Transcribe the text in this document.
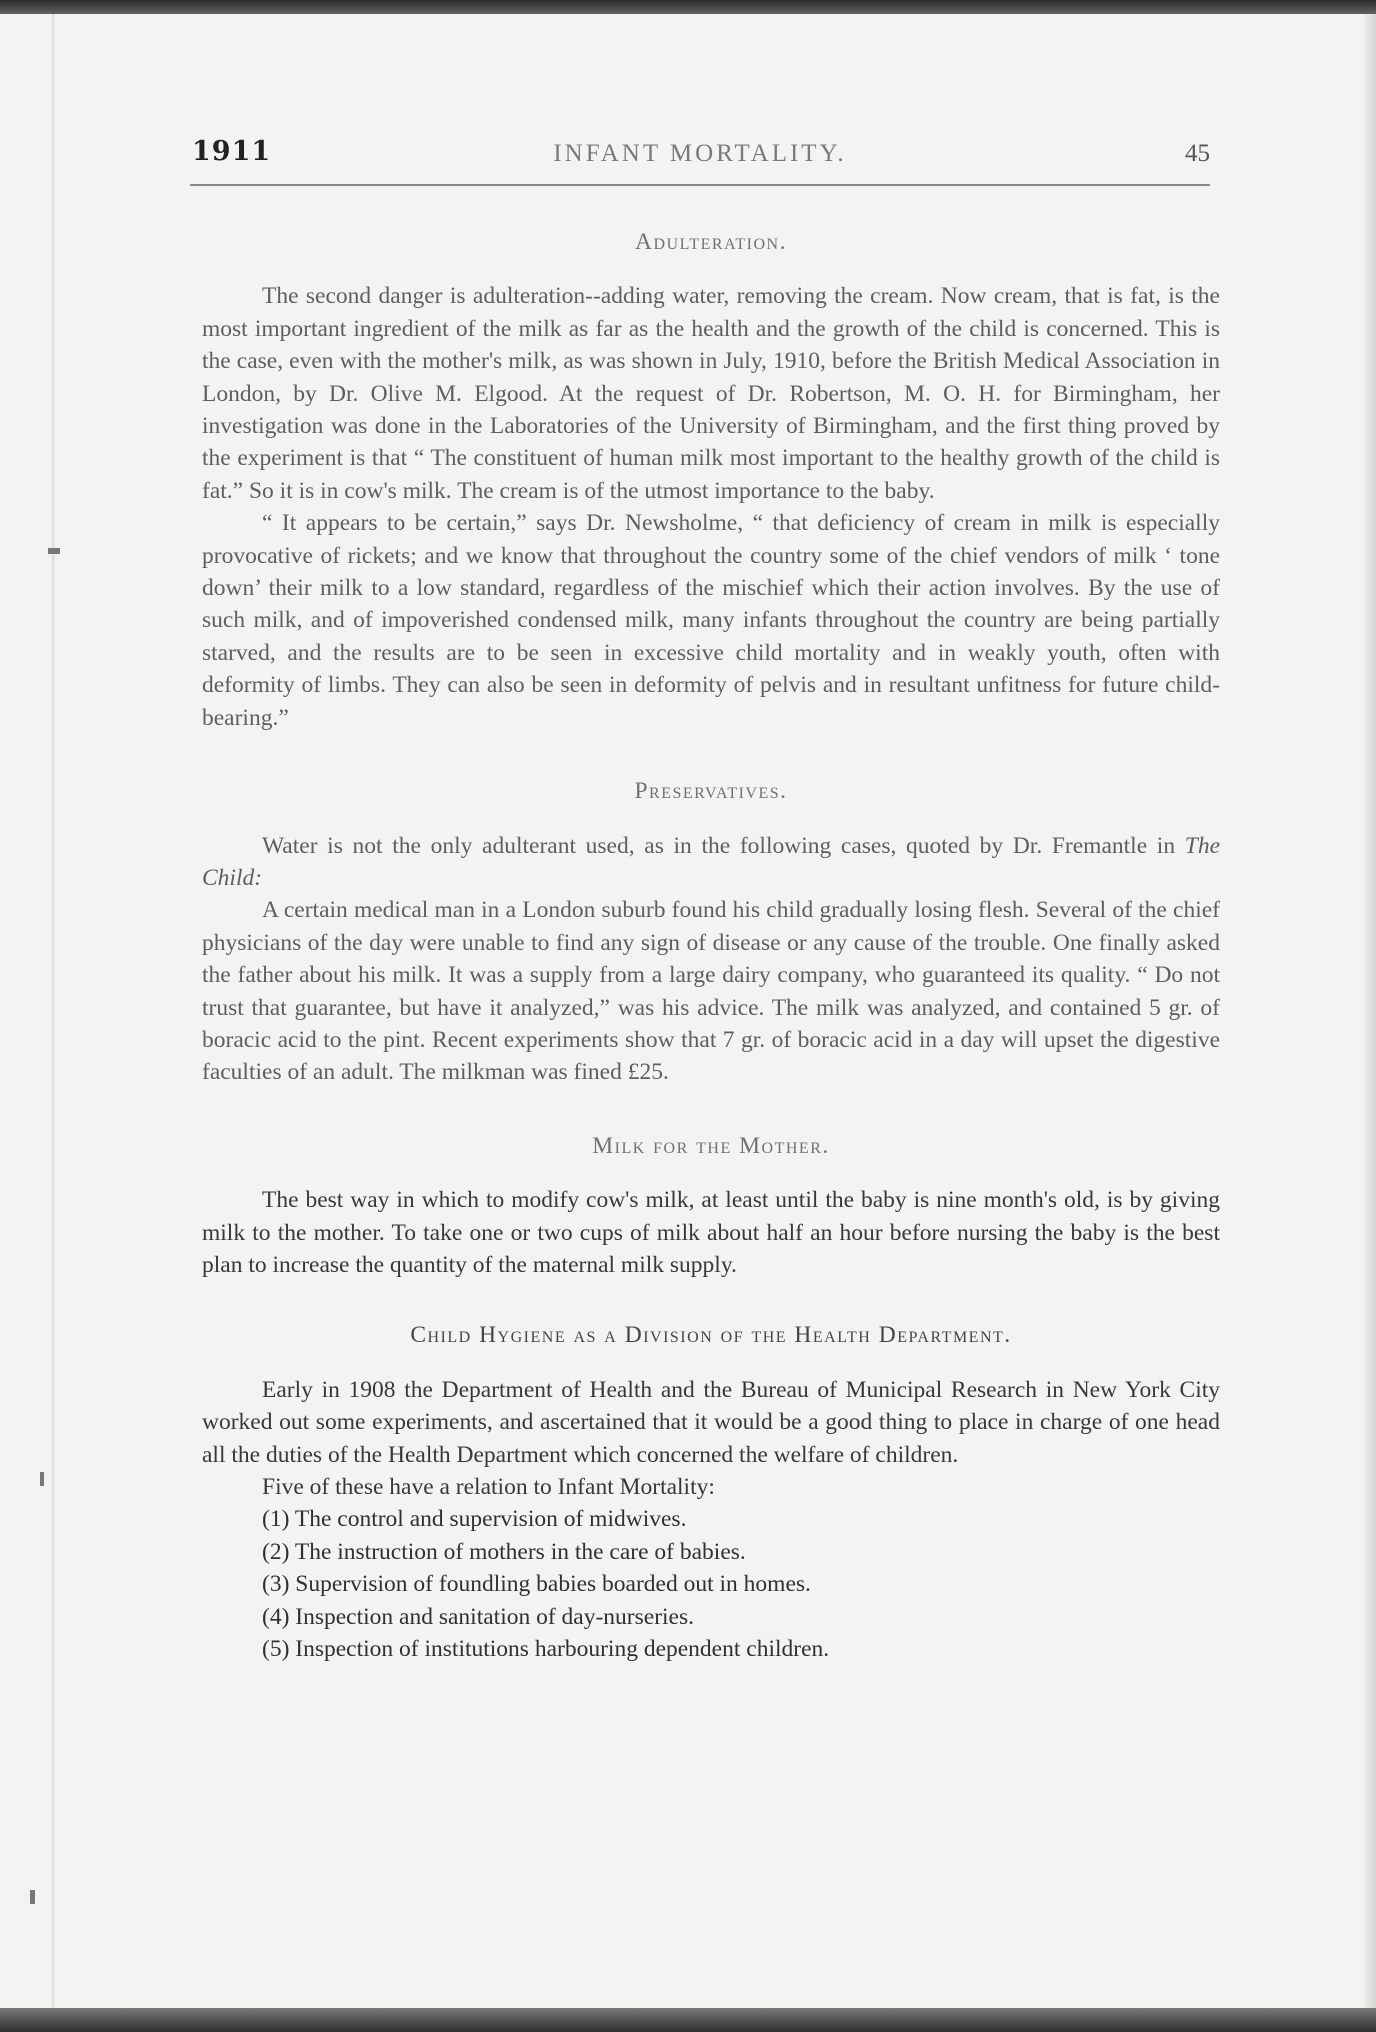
1911	INFANT MORTALITY.	45
Adulteration.

The second danger is adulteration--adding water, removing the cream. Now cream, that is fat, is the most important ingredient of the milk as far as the health and the growth of the child is concerned. This is the case, even with the mother's milk, as was shown in July, 1910, before the British Medical Association in London, by Dr. Olive M. Elgood. At the request of Dr. Robertson, M. O. H. for Birmingham, her investigation was done in the Laboratories of the University of Birmingham, and the first thing proved by the experiment is that “ The constituent of human milk most important to the healthy growth of the child is fat.” So it is in cow's milk. The cream is of the utmost importance to the baby.

“ It appears to be certain,” says Dr. Newsholme, “ that deficiency of cream in milk is especially provocative of rickets; and we know that throughout the country some of the chief vendors of milk ‘ tone down’ their milk to a low standard, regardless of the mischief which their action involves. By the use of such milk, and of impoverished condensed milk, many infants throughout the country are being partially starved, and the results are to be seen in excessive child mortality and in weakly youth, often with deformity of limbs. They can also be seen in deformity of pelvis and in resultant unfitness for future child-bearing.”

Preservatives.

Water is not the only adulterant used, as in the following cases, quoted by Dr. Fremantle in The Child:

A certain medical man in a London suburb found his child gradually losing flesh. Several of the chief physicians of the day were unable to find any sign of disease or any cause of the trouble. One finally asked the father about his milk. It was a supply from a large dairy company, who guaranteed its quality. “ Do not trust that guarantee, but have it analyzed,” was his advice. The milk was analyzed, and contained 5 gr. of boracic acid to the pint. Recent experiments show that 7 gr. of boracic acid in a day will upset the digestive faculties of an adult. The milkman was fined £25.

Milk for the Mother.

The best way in which to modify cow's milk, at least until the baby is nine month's old, is by giving milk to the mother. To take one or two cups of milk about half an hour before nursing the baby is the best plan to increase the quantity of the maternal milk supply.

Child Hygiene as a Division of the Health Department.

Early in 1908 the Department of Health and the Bureau of Municipal Research in New York City worked out some experiments, and ascertained that it would be a good thing to place in charge of one head all the duties of the Health Department which concerned the welfare of children.

Five of these have a relation to Infant Mortality:

(1) The control and supervision of midwives.
(2) The instruction of mothers in the care of babies.
(3) Supervision of foundling babies boarded out in homes.
(4) Inspection and sanitation of day-nurseries.
(5) Inspection of institutions harbouring dependent children.
